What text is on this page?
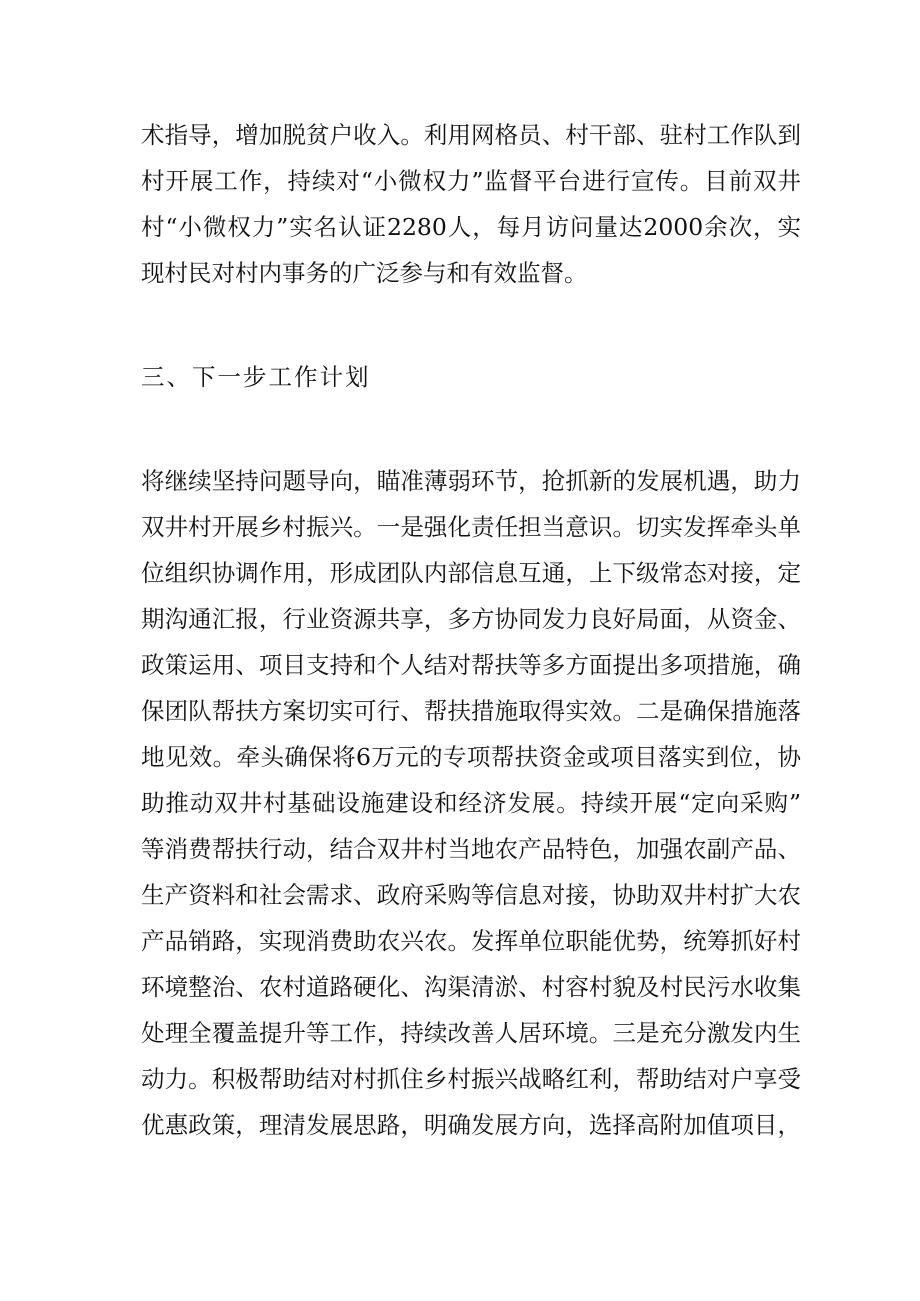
术指导，增加脱贫户收入。利用网格员、村干部、驻村工作队到
村开展工作，持续对“小微权力”监督平台进行宣传。目前双井
村“小微权力”实名认证2280人，每月访问量达2000余次，实
现村民对村内事务的广泛参与和有效监督。
三、下一步工作计划
将继续坚持问题导向，瞄准薄弱环节，抢抓新的发展机遇，助力
双井村开展乡村振兴。一是强化责任担当意识。切实发挥牵头单
位组织协调作用，形成团队内部信息互通，上下级常态对接，定
期沟通汇报，行业资源共享，多方协同发力良好局面，从资金、
政策运用、项目支持和个人结对帮扶等多方面提出多项措施，确
保团队帮扶方案切实可行、帮扶措施取得实效。二是确保措施落
地见效。牵头确保将6万元的专项帮扶资金或项目落实到位，协
助推动双井村基础设施建设和经济发展。持续开展“定向采购”
等消费帮扶行动，结合双井村当地农产品特色，加强农副产品、
生产资料和社会需求、政府采购等信息对接，协助双井村扩大农
产品销路，实现消费助农兴农。发挥单位职能优势，统筹抓好村
环境整治、农村道路硬化、沟渠清淤、村容村貌及村民污水收集
处理全覆盖提升等工作，持续改善人居环境。三是充分激发内生
动力。积极帮助结对村抓住乡村振兴战略红利，帮助结对户享受
优惠政策，理清发展思路，明确发展方向，选择高附加值项目，
